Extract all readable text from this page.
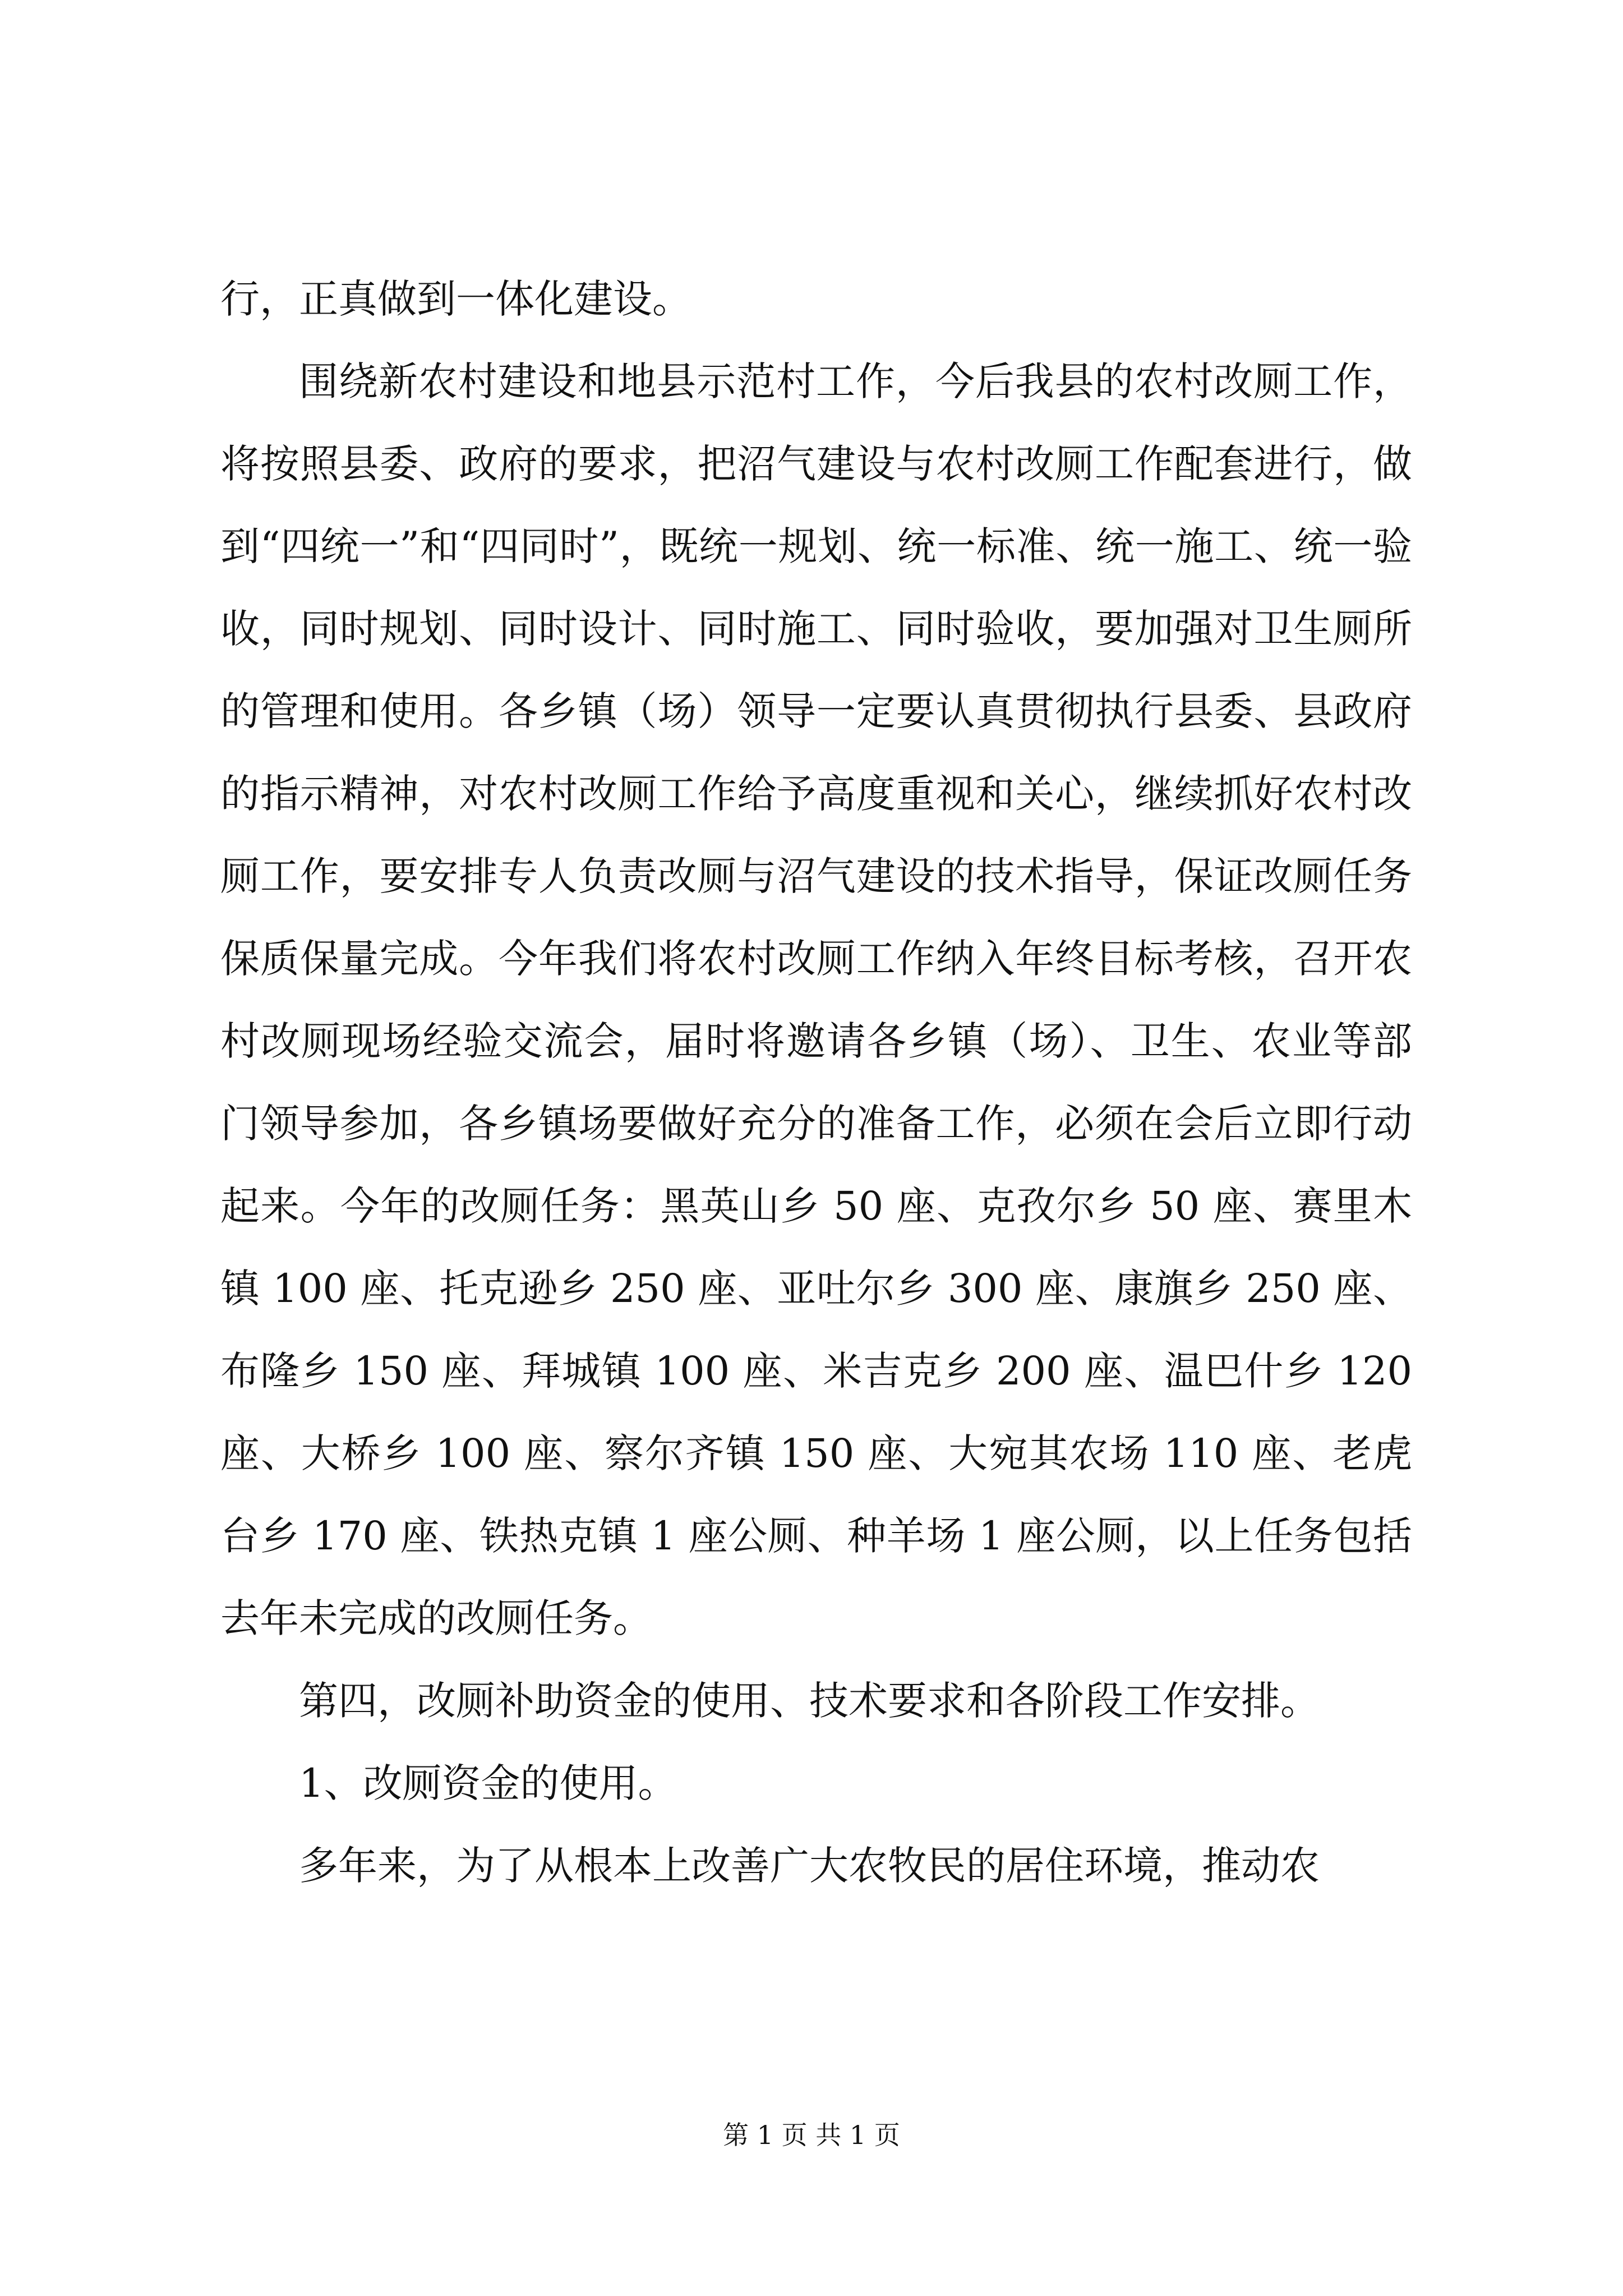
行，正真做到一体化建设。

围绕新农村建设和地县示范村工作，今后我县的农村改厕工作，将按照县委、政府的要求，把沼气建设与农村改厕工作配套进行，做到“四统一”和“四同时”，既统一规划、统一标准、统一施工、统一验收，同时规划、同时设计、同时施工、同时验收，要加强对卫生厕所的管理和使用。各乡镇（场）领导一定要认真贯彻执行县委、县政府的指示精神，对农村改厕工作给予高度重视和关心，继续抓好农村改厕工作，要安排专人负责改厕与沼气建设的技术指导，保证改厕任务保质保量完成。今年我们将农村改厕工作纳入年终目标考核，召开农村改厕现场经验交流会，届时将邀请各乡镇（场）、卫生、农业等部门领导参加，各乡镇场要做好充分的准备工作，必须在会后立即行动起来。今年的改厕任务：黑英山乡 50 座、克孜尔乡 50 座、赛里木镇 100 座、托克逊乡 250 座、亚吐尔乡 300 座、康旗乡 250 座、布隆乡 150 座、拜城镇 100 座、米吉克乡 200 座、温巴什乡 120 座、大桥乡 100 座、察尔齐镇 150 座、大宛其农场 110 座、老虎台乡 170 座、铁热克镇 1 座公厕、种羊场 1 座公厕，以上任务包括去年未完成的改厕任务。

第四，改厕补助资金的使用、技术要求和各阶段工作安排。

1、改厕资金的使用。

多年来，为了从根本上改善广大农牧民的居住环境，推动农

第 1 页 共 1 页
